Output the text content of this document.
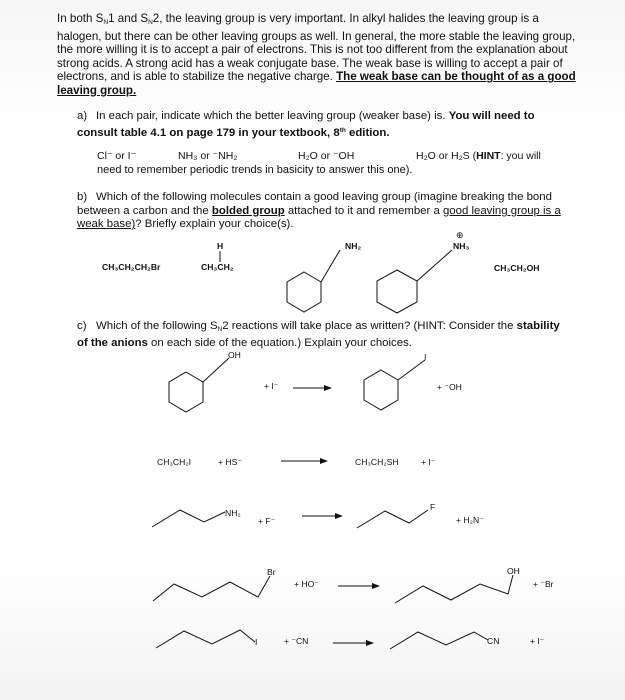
In both $S_N1$ and $S_N2$, the leaving group is very important. In alkyl halides the leaving group is a halogen, but there can be other leaving groups as well. In general, the more stable the leaving group, the more willing it is to accept a pair of electrons. This is not too different from the explanation about strong acids. A strong acid has a weak conjugate base. The weak base is willing to accept a pair of electrons, and is able to stabilize the negative charge. The weak base can be thought of as a good leaving group.
a) In each pair, indicate which the better leaving group (weaker base) is. You will need to consult table 4.1 on page 179 in your textbook, 8th edition.
Cl⁻ or I⁻	NH₃ or ⁻NH₂	H₂O or ⁻OH	H₂O or H₂S (HINT: you will
need to remember periodic trends in basicity to answer this one).
b) Which of the following molecules contain a good leaving group (imagine breaking the bond between a carbon and the bolded group attached to it and remember a good leaving group is a weak base)? Briefly explain your choice(s).
CH₃CH₂CH₂Br
H
CH₃CH₂
NH₂
⊕
NH₃
CH₃CH₂OH
c) Which of the following $S_N2$ reactions will take place as written? (HINT: Consider the stability of the anions on each side of the equation.) Explain your choices.
OH
+ I⁻
I
+ ⁻OH
CH₃CH₂I	+ HS⁻	CH₃CH₂SH	+ I⁻
NH₂
+ F⁻
F
+ H₂N⁻
Br
+ HO⁻
OH
+ ⁻Br
I	+ ⁻CN	CN	+ I⁻
